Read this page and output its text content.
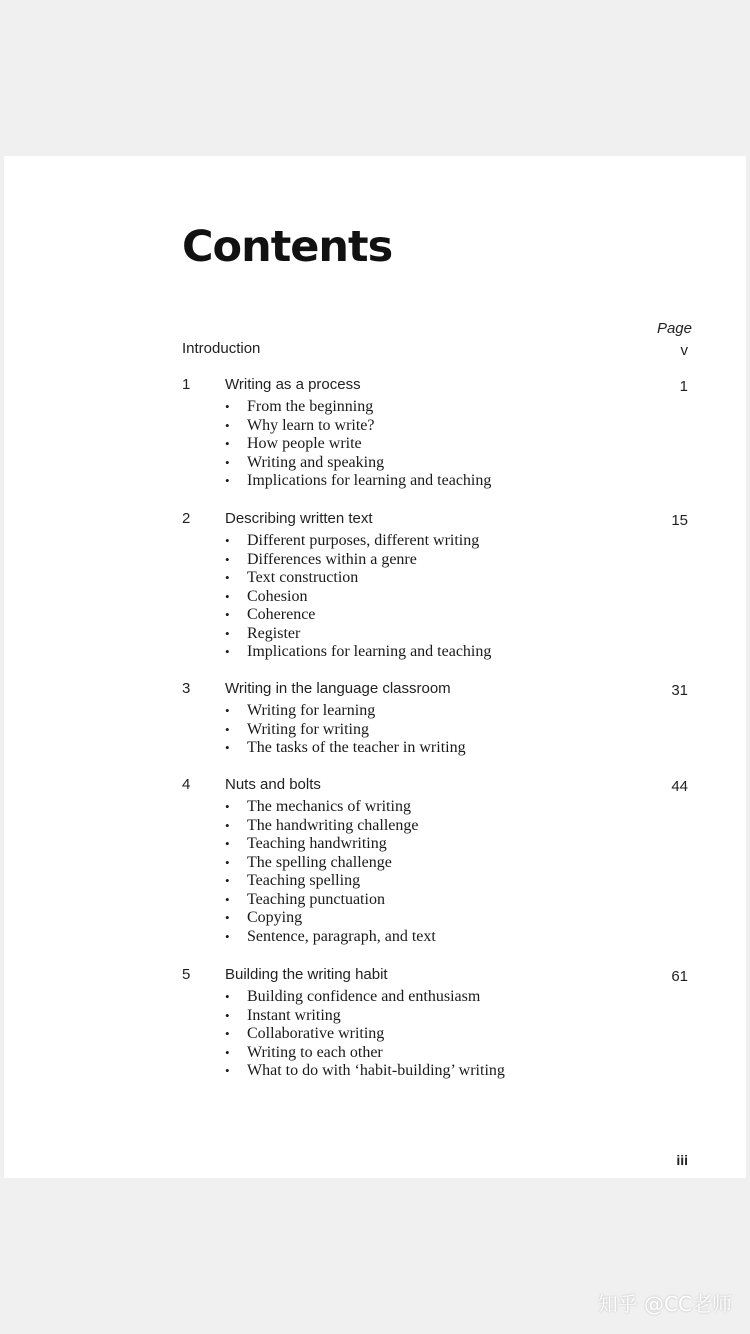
Contents
Page
Introduction	v
1 Writing as a process	1
• From the beginning
• Why learn to write?
• How people write
• Writing and speaking
• Implications for learning and teaching
2 Describing written text	15
• Different purposes, different writing
• Differences within a genre
• Text construction
• Cohesion
• Coherence
• Register
• Implications for learning and teaching
3 Writing in the language classroom	31
• Writing for learning
• Writing for writing
• The tasks of the teacher in writing
4 Nuts and bolts	44
• The mechanics of writing
• The handwriting challenge
• Teaching handwriting
• The spelling challenge
• Teaching spelling
• Teaching punctuation
• Copying
• Sentence, paragraph, and text
5 Building the writing habit	61
• Building confidence and enthusiasm
• Instant writing
• Collaborative writing
• Writing to each other
• What to do with ‘habit-building’ writing
iii
知乎 @CC老师
